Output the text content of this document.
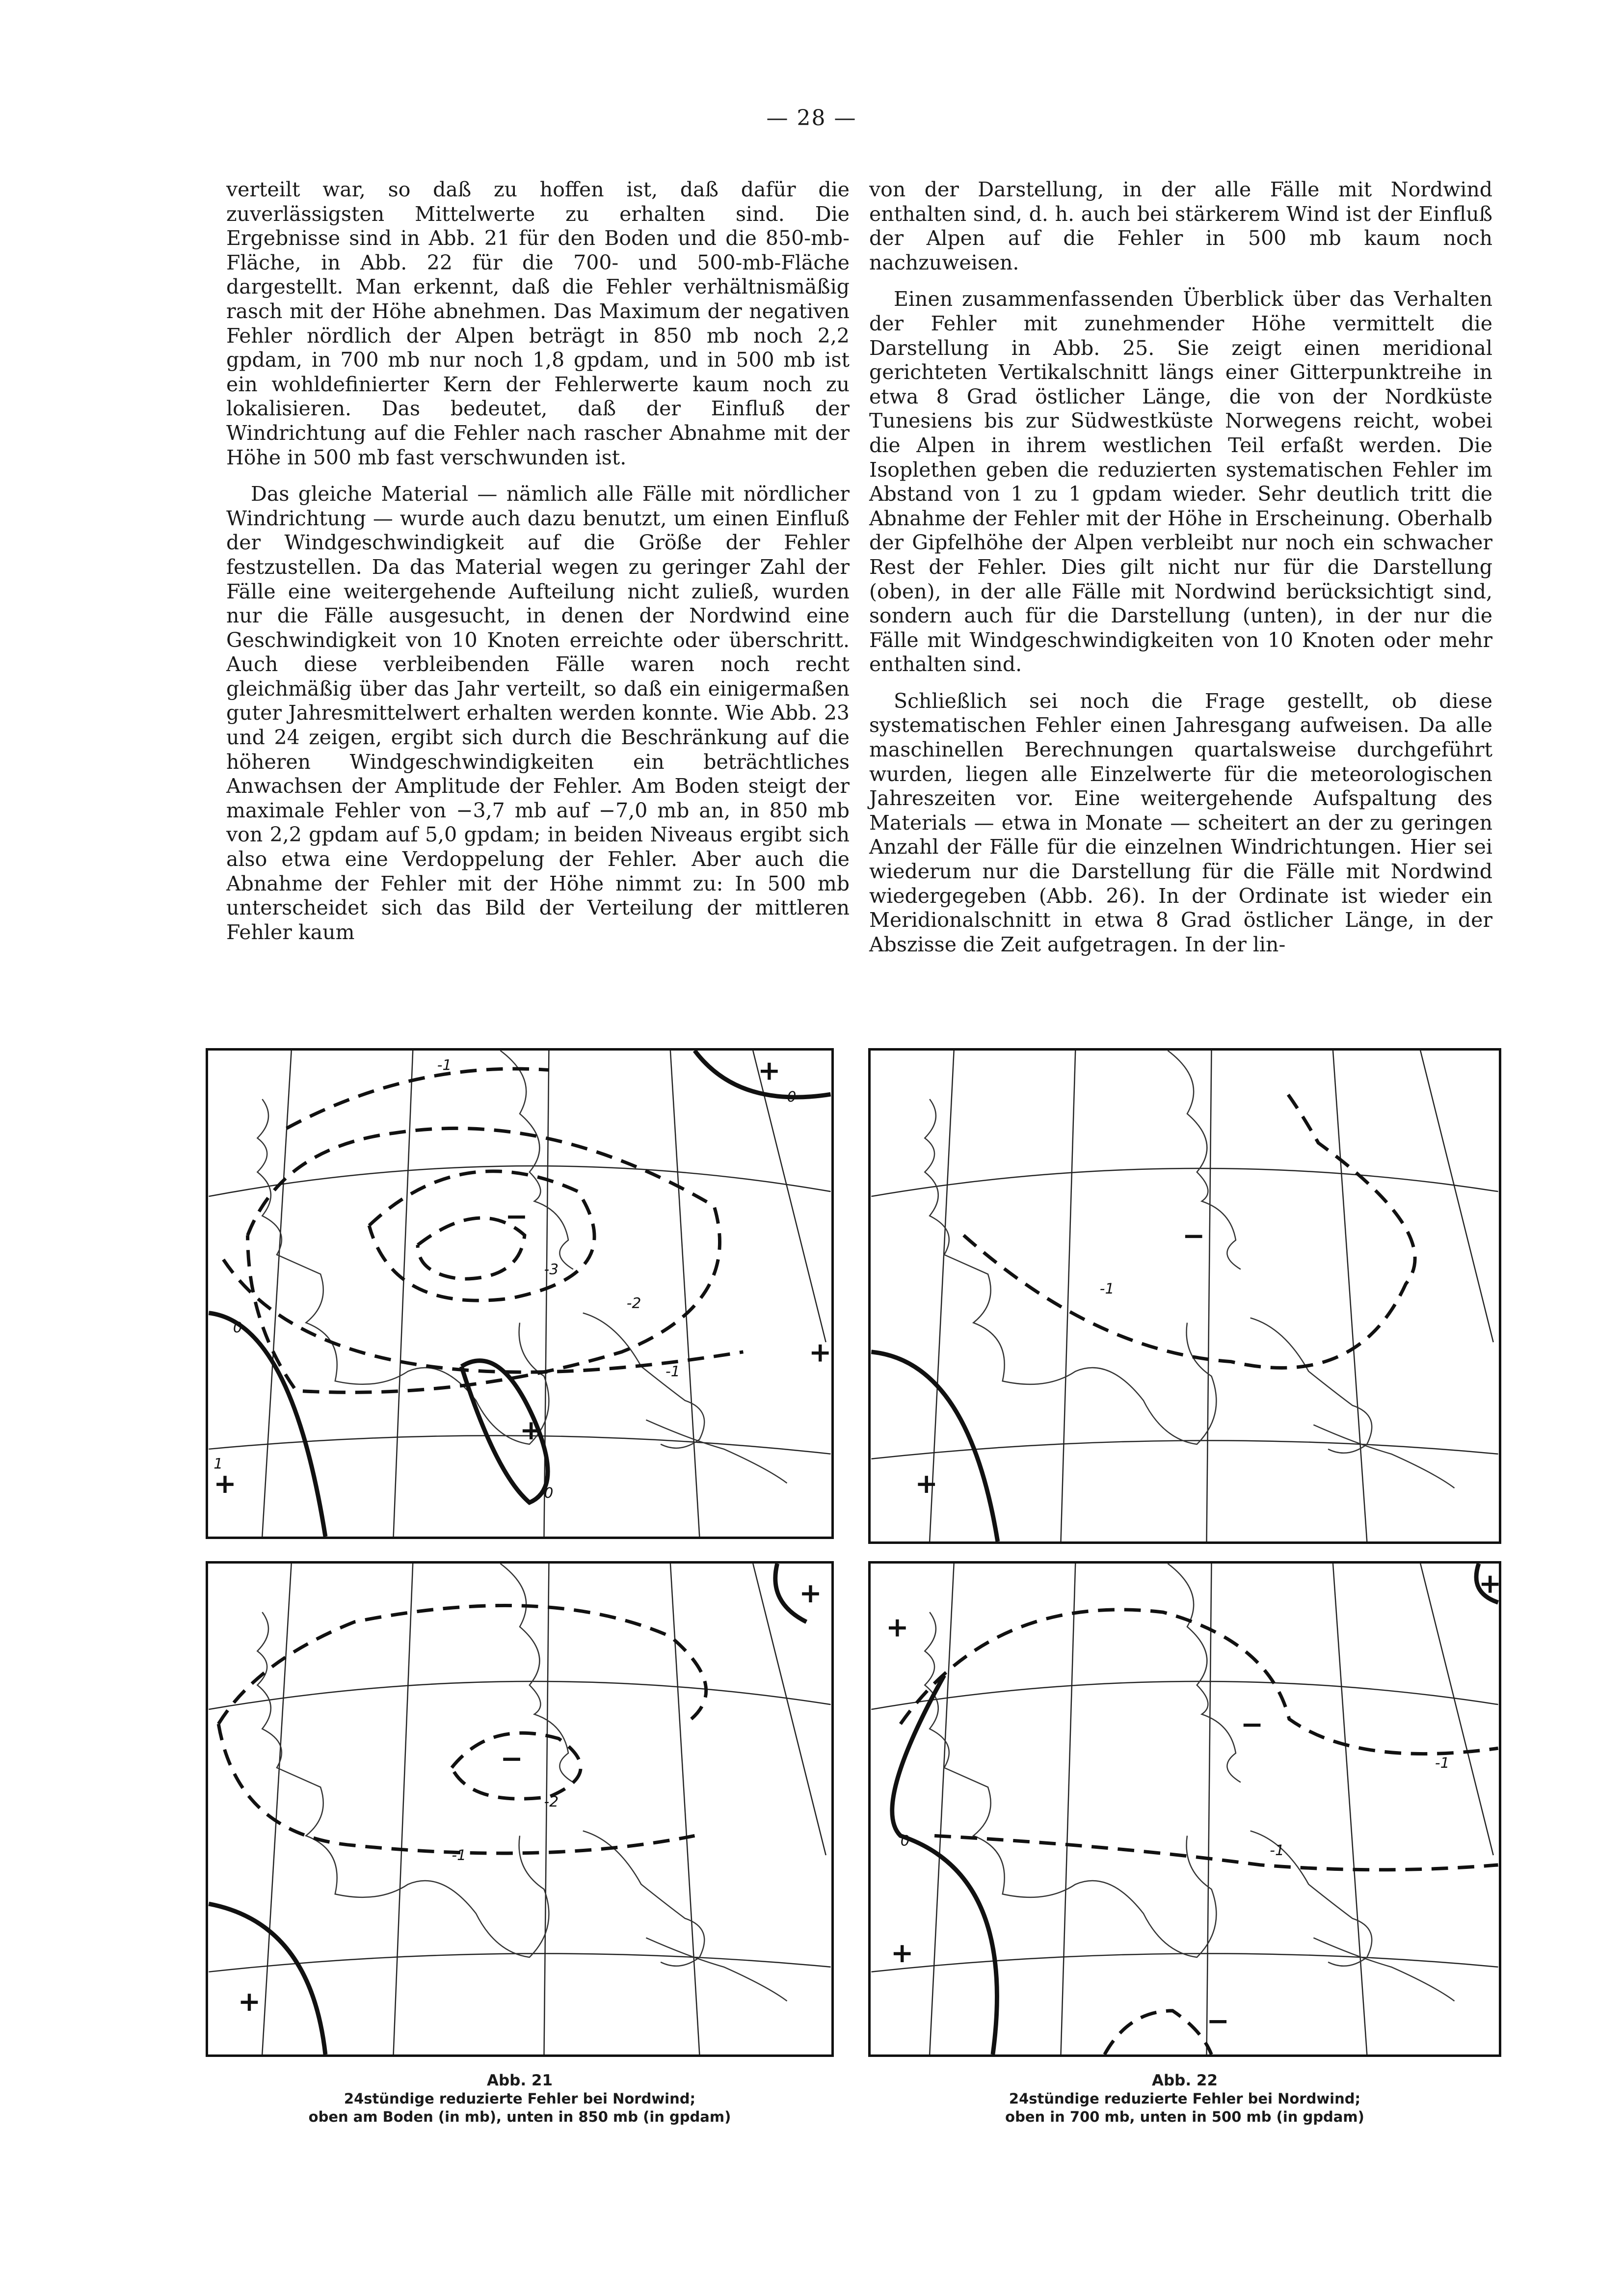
— 28 —

verteilt war, so daß zu hoffen ist, daß dafür die zuverlässigsten Mittelwerte zu erhalten sind. Die Ergebnisse sind in Abb. 21 für den Boden und die 850-mb-Fläche, in Abb. 22 für die 700- und 500-mb-Fläche dargestellt. Man erkennt, daß die Fehler verhältnismäßig rasch mit der Höhe abnehmen. Das Maximum der negativen Fehler nördlich der Alpen beträgt in 850 mb noch 2,2 gpdam, in 700 mb nur noch 1,8 gpdam, und in 500 mb ist ein wohldefinierter Kern der Fehlerwerte kaum noch zu lokalisieren. Das bedeutet, daß der Einfluß der Windrichtung auf die Fehler nach rascher Abnahme mit der Höhe in 500 mb fast verschwunden ist.

Das gleiche Material — nämlich alle Fälle mit nördlicher Windrichtung — wurde auch dazu benutzt, um einen Einfluß der Windgeschwindigkeit auf die Größe der Fehler festzustellen. Da das Material wegen zu geringer Zahl der Fälle eine weitergehende Aufteilung nicht zuließ, wurden nur die Fälle ausgesucht, in denen der Nordwind eine Geschwindigkeit von 10 Knoten erreichte oder überschritt. Auch diese verbleibenden Fälle waren noch recht gleichmäßig über das Jahr verteilt, so daß ein einigermaßen guter Jahresmittelwert erhalten werden konnte. Wie Abb. 23 und 24 zeigen, ergibt sich durch die Beschränkung auf die höheren Windgeschwindigkeiten ein beträchtliches Anwachsen der Amplitude der Fehler. Am Boden steigt der maximale Fehler von −3,7 mb auf −7,0 mb an, in 850 mb von 2,2 gpdam auf 5,0 gpdam; in beiden Niveaus ergibt sich also etwa eine Verdoppelung der Fehler. Aber auch die Abnahme der Fehler mit der Höhe nimmt zu: In 500 mb unterscheidet sich das Bild der Verteilung der mittleren Fehler kaum

von der Darstellung, in der alle Fälle mit Nordwind enthalten sind, d. h. auch bei stärkerem Wind ist der Einfluß der Alpen auf die Fehler in 500 mb kaum noch nachzuweisen.

Einen zusammenfassenden Überblick über das Verhalten der Fehler mit zunehmender Höhe vermittelt die Darstellung in Abb. 25. Sie zeigt einen meridional gerichteten Vertikalschnitt längs einer Gitterpunktreihe in etwa 8 Grad östlicher Länge, die von der Nordküste Tunesiens bis zur Südwestküste Norwegens reicht, wobei die Alpen in ihrem westlichen Teil erfaßt werden. Die Isoplethen geben die reduzierten systematischen Fehler im Abstand von 1 zu 1 gpdam wieder. Sehr deutlich tritt die Abnahme der Fehler mit der Höhe in Erscheinung. Oberhalb der Gipfelhöhe der Alpen verbleibt nur noch ein schwacher Rest der Fehler. Dies gilt nicht nur für die Darstellung (oben), in der alle Fälle mit Nordwind berücksichtigt sind, sondern auch für die Darstellung (unten), in der nur die Fälle mit Windgeschwindigkeiten von 10 Knoten oder mehr enthalten sind.

Schließlich sei noch die Frage gestellt, ob diese systematischen Fehler einen Jahresgang aufweisen. Da alle maschinellen Berechnungen quartalsweise durchgeführt wurden, liegen alle Einzelwerte für die meteorologischen Jahreszeiten vor. Eine weitergehende Aufspaltung des Materials — etwa in Monate — scheitert an der zu geringen Anzahl der Fälle für die einzelnen Windrichtungen. Hier sei wiederum nur die Darstellung für die Fälle mit Nordwind wiedergegeben (Abb. 26). In der Ordinate ist wieder ein Meridionalschnitt in etwa 8 Grad östlicher Länge, in der Abszisse die Zeit aufgetragen. In der lin-

-1
0
-2
-3
-1
0
1
0
+
−
+
+
+
-1
−
+
-2
-1
+
−
+
0
-1
-1
+
−
+
−
+
Abb. 21
24stündige reduzierte Fehler bei Nordwind;
oben am Boden (in mb), unten in 850 mb (in gpdam)
Abb. 22
24stündige reduzierte Fehler bei Nordwind;
oben in 700 mb, unten in 500 mb (in gpdam)
